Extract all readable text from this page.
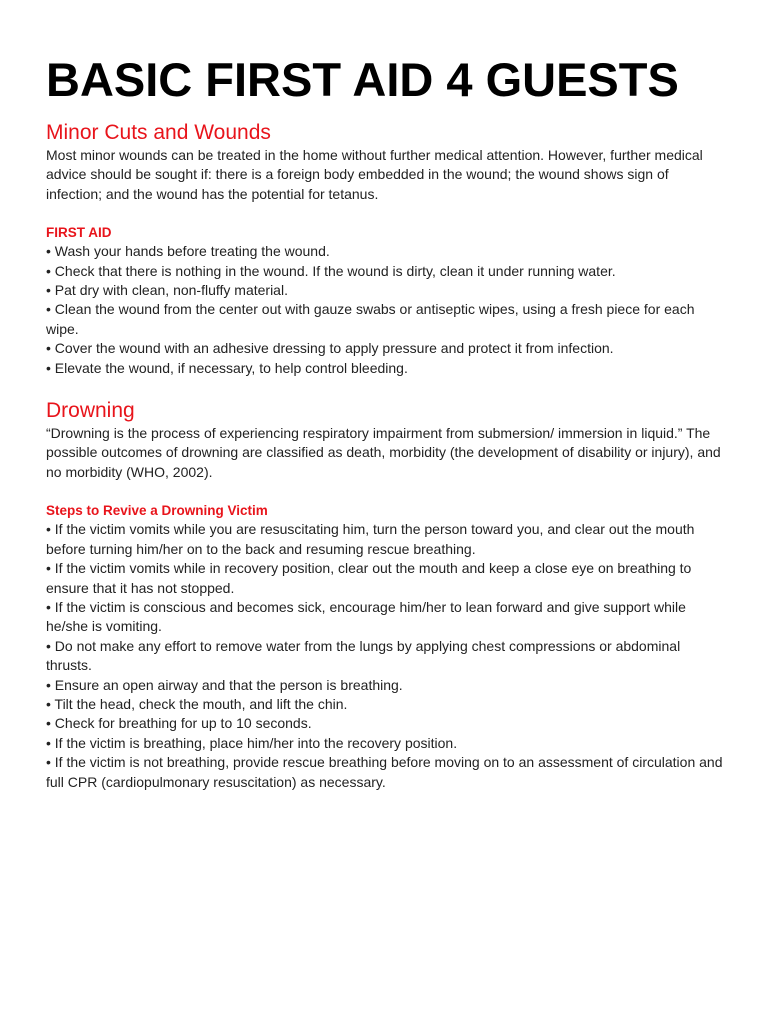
BASIC FIRST AID 4 GUESTS
Minor Cuts and Wounds

Most minor wounds can be treated in the home without further medical attention. However, further medical advice should be sought if: there is a foreign body embedded in the wound; the wound shows sign of infection; and the wound has the potential for tetanus.

FIRST AID
• Wash your hands before treating the wound.
• Check that there is nothing in the wound. If the wound is dirty, clean it under running water.
• Pat dry with clean, non-fluffy material.
• Clean the wound from the center out with gauze swabs or antiseptic wipes, using a fresh piece for each wipe.
• Cover the wound with an adhesive dressing to apply pressure and protect it from infection.
• Elevate the wound, if necessary, to help control bleeding.
Drowning

“Drowning is the process of experiencing respiratory impairment from submersion/ immersion in liquid.” The possible outcomes of drowning are classified as death, morbidity (the development of disability or injury), and no morbidity (WHO, 2002).

Steps to Revive a Drowning Victim
• If the victim vomits while you are resuscitating him, turn the person toward you, and clear out the mouth before turning him/her on to the back and resuming rescue breathing.
• If the victim vomits while in recovery position, clear out the mouth and keep a close eye on breathing to ensure that it has not stopped.
• If the victim is conscious and becomes sick, encourage him/her to lean forward and give support while he/she is vomiting.
• Do not make any effort to remove water from the lungs by applying chest compressions or abdominal thrusts.
• Ensure an open airway and that the person is breathing.
• Tilt the head, check the mouth, and lift the chin.
• Check for breathing for up to 10 seconds.
• If the victim is breathing, place him/her into the recovery position.
• If the victim is not breathing, provide rescue breathing before moving on to an assessment of circulation and full CPR (cardiopulmonary resuscitation) as necessary.
